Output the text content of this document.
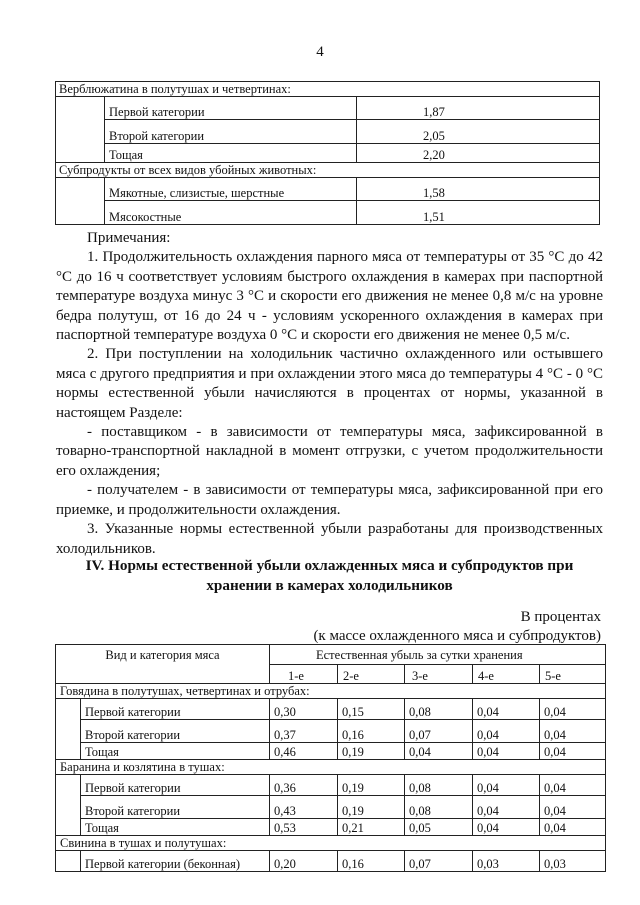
4
Верблюжатина в полутушах и четвертинах:		
	Первой категории	1,87
	Второй категории	2,05
	Тощая	2,20
Субпродукты от всех видов убойных животных:		
	Мякотные, слизистые, шерстные	1,58
	Мясокостные	1,51

Примечания:

1. Продолжительность охлаждения парного мяса от температуры от 35 °С до 42 °С до 16 ч соответствует условиям быстрого охлаждения в камерах при паспортной температуре воздуха минус 3 °С и скорости его движения не менее 0,8 м/с на уровне бедра полутуш, от 16 до 24 ч - условиям ускоренного охлаждения в камерах при паспортной температуре воздуха 0 °С и скорости его движения не менее 0,5 м/с.

2. При поступлении на холодильник частично охлажденного или остывшего мяса с другого предприятия и при охлаждении этого мяса до температуры 4 °С - 0 °С нормы естественной убыли начисляются в процентах от нормы, указанной в настоящем Разделе:

- поставщиком - в зависимости от температуры мяса, зафиксированной в товарно-транспортной накладной в момент отгрузки, с учетом продолжительности его охлаждения;

- получателем - в зависимости от температуры мяса, зафиксированной при его приемке, и продолжительности охлаждения.

3. Указанные нормы естественной убыли разработаны для производственных холодильников.

IV. Нормы естественной убыли охлажденных мяса и субпродуктов при
хранении в камерах холодильников
В процентах
(к массе охлажденного мяса и субпродуктов)
Вид и категория мяса		Естественная убыль за сутки хранения				
		1-е	2-е	3-е	4-е	5-е
Говядина в полутушах, четвертинах и отрубах:						
	Первой категории	0,30	0,15	0,08	0,04	0,04
	Второй категории	0,37	0,16	0,07	0,04	0,04
	Тощая	0,46	0,19	0,04	0,04	0,04
Баранина и козлятина в тушах:						
	Первой категории	0,36	0,19	0,08	0,04	0,04
	Второй категории	0,43	0,19	0,08	0,04	0,04
	Тощая	0,53	0,21	0,05	0,04	0,04
Свинина в тушах и полутушах:						
	Первой категории (беконная)	0,20	0,16	0,07	0,03	0,03
